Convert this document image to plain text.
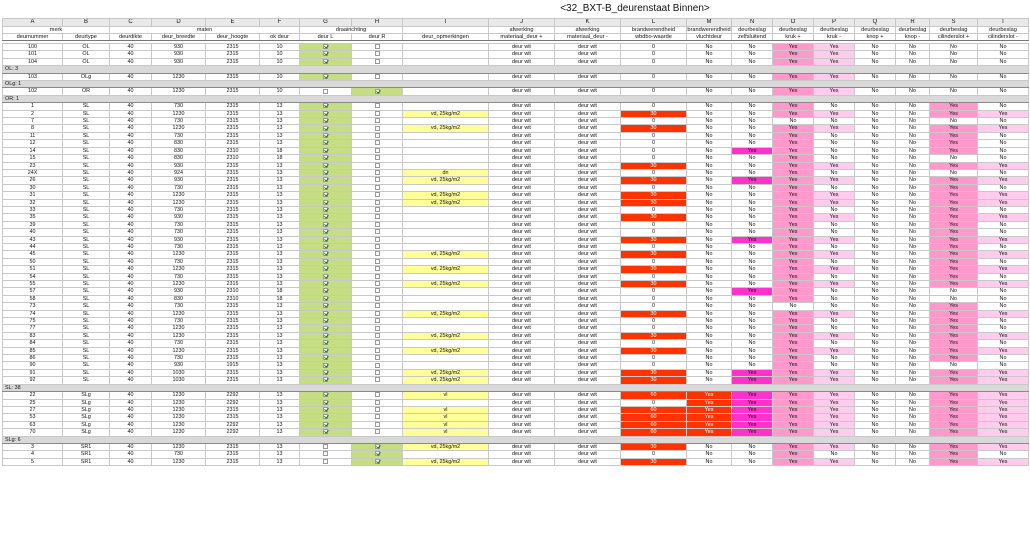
<32_BXT-B_deurenstaat Binnen>
A	B	C	D	E	F	G	H	I	J	K	L	M	N	O	P	Q	R	S	T
merk		maten				draairichting			afwerking	afwerking	brandwerendheid	brandwerendheid	deurbeslag	deurbeslag	deurbeslag	deurbeslag	deurbeslag	deurbeslag	deurbeslag
deurnummer	deurtype	deurdikte	deur_breedte	deur_hoogte	ok deur	deur L	deur R	deur_opmerkingen	materiaal_deur +	materiaal_deur -	wbdbo-waarde	vluchtdeur	zelfsluitend	kruk +	kruk -	knop +	knop -	cilinderslot +	cilinderslot -

100	OL	40	930	2315	10				deur wit	deur wit	0	No	No	Yes	Yes	No	No	No	No
101	OL	40	930	2315	10				deur wit	deur wit	0	No	No	Yes	Yes	No	No	No	No
104	OL	40	930	2315	10				deur wit	deur wit	0	No	No	Yes	Yes	No	No	No	No
OL: 3																			
103	OLg	40	1230	2315	10				deur wit	deur wit	0	No	No	Yes	Yes	No	No	No	No
OLg: 1																			
102	OR	40	1230	2315	10				deur wit	deur wit	0	No	No	Yes	Yes	No	No	No	No
OR: 1																			
1	SL	40	730	2315	13				deur wit	deur wit	0	No	No	Yes	No	No	No	Yes	No
2	SL	40	1230	2315	13			vd, 25kg/m2	deur wit	deur wit	30	No	No	Yes	Yes	No	No	Yes	Yes
7	SL	40	730	2315	13				deur wit	deur wit	0	No	No	No	No	No	No	No	No
8	SL	40	1230	2315	13			vd, 25kg/m2	deur wit	deur wit	30	No	No	Yes	Yes	No	No	Yes	Yes
11	SL	40	730	2315	13				deur wit	deur wit	0	No	No	Yes	No	No	No	Yes	No
12	SL	40	830	2315	13				deur wit	deur wit	0	No	No	Yes	No	No	No	Yes	No
14	SL	40	830	2310	18				deur wit	deur wit	0	No	Yes	Yes	No	No	No	Yes	No
15	SL	40	830	2310	18				deur wit	deur wit	0	No	No	Yes	No	No	No	No	No
23	SL	40	930	2315	13				deur wit	deur wit	30	No	No	Yes	Yes	No	No	Yes	Yes
24X	SL	40	924	2315	13			dn	deur wit	deur wit	0	No	No	Yes	No	No	No	No	No
26	SL	40	930	2315	13			vd, 25kg/m2	deur wit	deur wit	30	No	Yes	Yes	Yes	No	No	Yes	Yes
30	SL	40	730	2315	13				deur wit	deur wit	0	No	No	Yes	No	No	No	Yes	No
31	SL	40	1230	2315	13			vd, 25kg/m2	deur wit	deur wit	30	No	No	Yes	Yes	No	No	Yes	Yes
32	SL	40	1230	2315	13			vd, 25kg/m2	deur wit	deur wit	30	No	No	Yes	Yes	No	No	Yes	Yes
33	SL	40	730	2315	13				deur wit	deur wit	0	No	No	Yes	No	No	No	Yes	No
35	SL	40	930	2315	13				deur wit	deur wit	30	No	No	Yes	Yes	No	No	Yes	Yes
39	SL	40	730	2315	13				deur wit	deur wit	0	No	No	Yes	No	No	No	Yes	No
40	SL	40	730	2315	13				deur wit	deur wit	0	No	No	Yes	No	No	No	Yes	No
43	SL	40	930	2315	13				deur wit	deur wit	30	No	Yes	Yes	Yes	No	No	Yes	Yes
44	SL	40	730	2315	13				deur wit	deur wit	0	No	No	Yes	No	No	No	Yes	No
45	SL	40	1230	2315	13			vd, 25kg/m2	deur wit	deur wit	30	No	No	Yes	Yes	No	No	Yes	Yes
50	SL	40	730	2315	13				deur wit	deur wit	0	No	No	Yes	No	No	No	Yes	No
51	SL	40	1230	2315	13			vd, 25kg/m2	deur wit	deur wit	30	No	No	Yes	Yes	No	No	Yes	Yes
54	SL	40	730	2315	13				deur wit	deur wit	0	No	No	Yes	No	No	No	Yes	No
55	SL	40	1230	2315	13			vd, 25kg/m2	deur wit	deur wit	30	No	No	Yes	Yes	No	No	Yes	Yes
57	SL	40	930	2310	18				deur wit	deur wit	0	No	Yes	Yes	No	No	No	No	No
58	SL	40	830	2310	18				deur wit	deur wit	0	No	No	Yes	No	No	No	No	No
73	SL	40	730	2315	13				deur wit	deur wit	0	No	No	No	No	No	No	Yes	No
74	SL	40	1230	2315	13			vd, 25kg/m2	deur wit	deur wit	30	No	No	Yes	Yes	No	No	Yes	Yes
75	SL	40	730	2315	13				deur wit	deur wit	0	No	No	Yes	No	No	No	Yes	No
77	SL	40	1230	2315	13				deur wit	deur wit	0	No	No	Yes	No	No	No	Yes	No
83	SL	40	1230	2315	13			vd, 25kg/m2	deur wit	deur wit	30	No	No	Yes	Yes	No	No	Yes	Yes
84	SL	40	730	2315	13				deur wit	deur wit	0	No	No	Yes	No	No	No	Yes	No
85	SL	40	1230	2315	13			vd, 25kg/m2	deur wit	deur wit	30	No	No	Yes	Yes	No	No	Yes	Yes
86	SL	40	730	2315	13				deur wit	deur wit	0	No	No	Yes	No	No	No	Yes	No
90	SL	40	930	1915	13				deur wit	deur wit	0	No	No	Yes	No	No	No	No	No
91	SL	40	1030	2315	13			vd, 25kg/m2	deur wit	deur wit	30	No	Yes	Yes	Yes	No	No	Yes	Yes
92	SL	40	1030	2315	13			vd, 25kg/m2	deur wit	deur wit	30	No	Yes	Yes	Yes	No	No	Yes	Yes
SL: 38																			
22	SLg	40	1230	2292	13			vl	deur wit	deur wit	60	Yes	Yes	Yes	Yes	No	No	Yes	Yes
25	SLg	40	1230	2292	13				deur wit	deur wit	0	Yes	Yes	Yes	Yes	No	No	Yes	Yes
27	SLg	40	1230	2315	13			vl	deur wit	deur wit	60	Yes	Yes	Yes	Yes	No	No	Yes	Yes
53	SLg	40	1230	2315	13			vl	deur wit	deur wit	60	Yes	Yes	Yes	Yes	No	No	Yes	Yes
63	SLg	40	1230	2292	13			vl	deur wit	deur wit	60	Yes	Yes	Yes	Yes	No	No	Yes	Yes
70	SLg	40	1230	2292	13			vl	deur wit	deur wit	60	Yes	Yes	Yes	Yes	No	No	Yes	Yes
SLg: 6																			
3	SR1	40	1230	2315	13			vd, 25kg/m2	deur wit	deur wit	30	No	No	Yes	Yes	No	No	Yes	Yes
4	SR1	40	730	2315	13				deur wit	deur wit	0	No	No	Yes	No	No	No	Yes	No
5	SR1	40	1230	2315	13			vd, 25kg/m2	deur wit	deur wit	30	No	No	Yes	Yes	No	No	Yes	Yes
